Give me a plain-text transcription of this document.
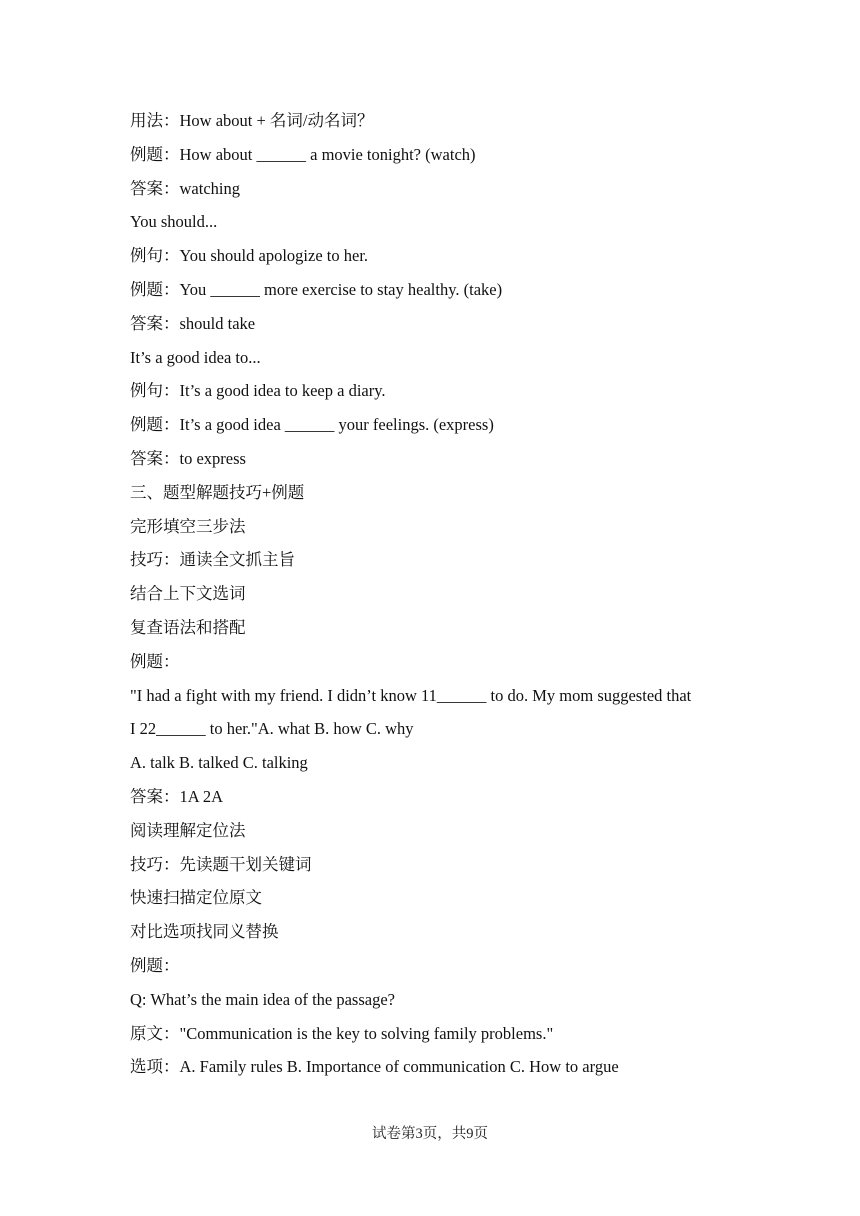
用法：How about + 名词/动名词？
例题：How about ______ a movie tonight? (watch)
答案：watching
You should...
例句：You should apologize to her.
例题：You ______ more exercise to stay healthy. (take)
答案：should take
It’s a good idea to...
例句：It’s a good idea to keep a diary.
例题：It’s a good idea ______ your feelings. (express)
答案：to express
三、题型解题技巧+例题
完形填空三步法
技巧：通读全文抓主旨
结合上下文选词
复查语法和搭配
例题：
"I had a fight with my friend. I didn’t know 11______ to do. My mom suggested that
I 22______ to her."A. what B. how C. why
A. talk B. talked C. talking
答案：1A 2A
阅读理解定位法
技巧：先读题干划关键词
快速扫描定位原文
对比选项找同义替换
例题：
Q: What’s the main idea of the passage?
原文："Communication is the key to solving family problems."
选项：A. Family rules B. Importance of communication C. How to argue
试卷第3页，共9页
